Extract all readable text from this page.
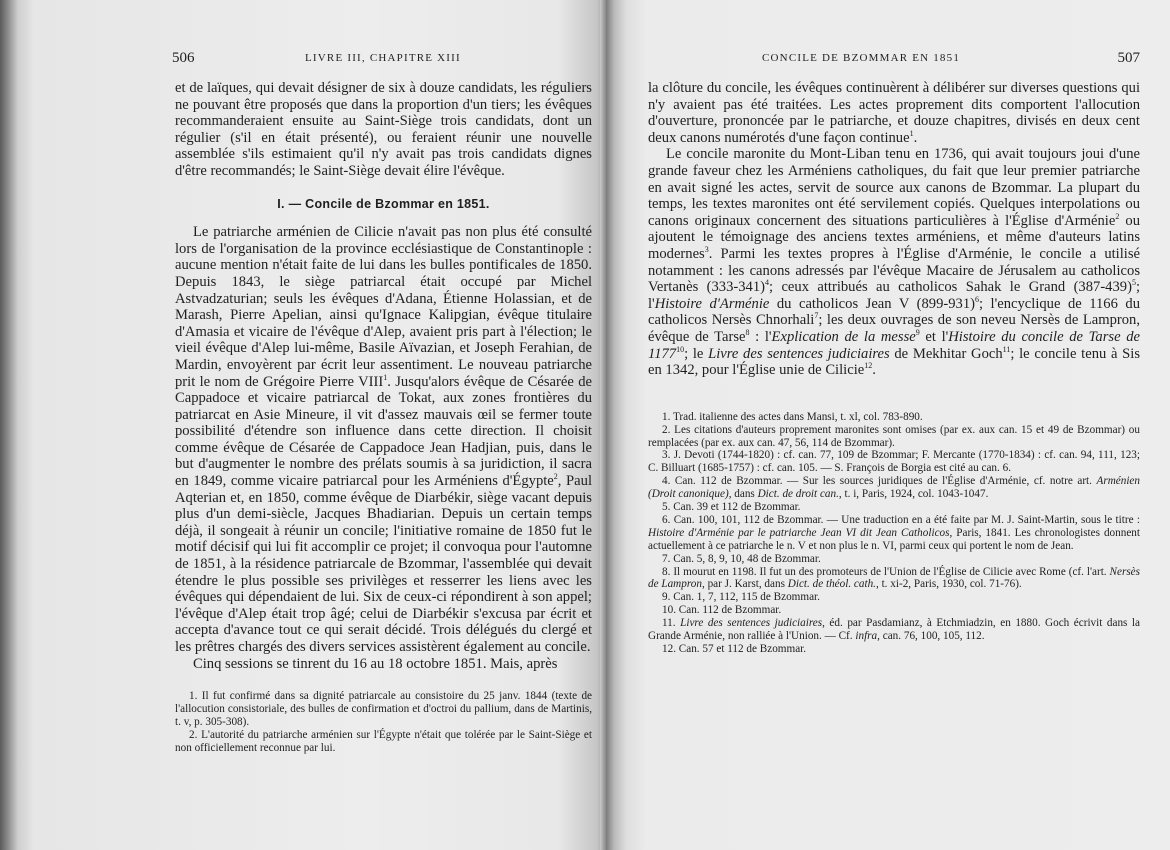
506	LIVRE III, CHAPITRE XIII

et de laïques, qui devait désigner de six à douze candidats, les réguliers ne pouvant être proposés que dans la proportion d'un tiers; les évêques recommanderaient ensuite au Saint-Siège trois candidats, dont un régulier (s'il en était présenté), ou feraient réunir une nouvelle assemblée s'ils estimaient qu'il n'y avait pas trois candidats dignes d'être recommandés; le Saint-Siège devait élire l'évêque.

I. — Concile de Bzommar en 1851.

Le patriarche arménien de Cilicie n'avait pas non plus été consulté lors de l'organisation de la province ecclésiastique de Constantinople : aucune mention n'était faite de lui dans les bulles pontificales de 1850. Depuis 1843, le siège patriarcal était occupé par Michel Astvadzaturian; seuls les évêques d'Adana, Étienne Holassian, et de Marash, Pierre Apelian, ainsi qu'Ignace Kalipgian, évêque titulaire d'Amasia et vicaire de l'évêque d'Alep, avaient pris part à l'élection; le vieil évêque d'Alep lui-même, Basile Aïvazian, et Joseph Ferahian, de Mardin, envoyèrent par écrit leur assentiment. Le nouveau patriarche prit le nom de Grégoire Pierre VIII$^1$. Jusqu'alors évêque de Césarée de Cappadoce et vicaire patriarcal de Tokat, aux zones frontières du patriarcat en Asie Mineure, il vit d'assez mauvais œil se fermer toute possibilité d'étendre son influence dans cette direction. Il choisit comme évêque de Césarée de Cappadoce Jean Hadjian, puis, dans le but d'augmenter le nombre des prélats soumis à sa juridiction, il sacra en 1849, comme vicaire patriarcal pour les Arméniens d'Égypte$^2$, Paul Aqterian et, en 1850, comme évêque de Diarbékir, siège vacant depuis plus d'un demi-siècle, Jacques Bhadiarian. Depuis un certain temps déjà, il songeait à réunir un concile; l'initiative romaine de 1850 fut le motif décisif qui lui fit accomplir ce projet; il convoqua pour l'automne de 1851, à la résidence patriarcale de Bzommar, l'assemblée qui devait étendre le plus possible ses privilèges et resserrer les liens avec les évêques qui dépendaient de lui. Six de ceux-ci répondirent à son appel; l'évêque d'Alep était trop âgé; celui de Diarbékir s'excusa par écrit et accepta d'avance tout ce qui serait décidé. Trois délégués du clergé et les prêtres chargés des divers services assistèrent également au concile.

Cinq sessions se tinrent du 16 au 18 octobre 1851. Mais, après

1. Il fut confirmé dans sa dignité patriarcale au consistoire du 25 janv. 1844 (texte de l'allocution consistoriale, des bulles de confirmation et d'octroi du pallium, dans de Martinis, t. v, p. 305-308).

2. L'autorité du patriarche arménien sur l'Égypte n'était que tolérée par le Saint-Siège et non officiellement reconnue par lui.

CONCILE DE BZOMMAR EN 1851	507

la clôture du concile, les évêques continuèrent à délibérer sur diverses questions qui n'y avaient pas été traitées. Les actes proprement dits comportent l'allocution d'ouverture, prononcée par le patriarche, et douze chapitres, divisés en deux cent deux canons numérotés d'une façon continue$^1$.

Le concile maronite du Mont-Liban tenu en 1736, qui avait toujours joui d'une grande faveur chez les Arméniens catholiques, du fait que leur premier patriarche en avait signé les actes, servit de source aux canons de Bzommar. La plupart du temps, les textes maronites ont été servilement copiés. Quelques interpolations ou canons originaux concernent des situations particulières à l'Église d'Arménie$^2$ ou ajoutent le témoignage des anciens textes arméniens, et même d'auteurs latins modernes$^3$. Parmi les textes propres à l'Église d'Arménie, le concile a utilisé notamment : les canons adressés par l'évêque Macaire de Jérusalem au catholicos Vertanès $(333-341)^4$; ceux attribués au catholicos Sahak le Grand $(387-439)^5$; l'Histoire d'Arménie du catholicos Jean V $(899-931)^6$; l'encyclique de 1166 du catholicos Nersès Chnorhali$^7$; les deux ouvrages de son neveu Nersès de Lampron, évêque de Tarse$^8$ : l'Explication de la messe$^9$ et l'Histoire du concile de Tarse de 1177$^{10}$; le Livre des sentences judiciaires de Mekhitar Goch$^{11}$; le concile tenu à Sis en 1342, pour l'Église unie de Cilicie$^{12}$.

1. Trad. italienne des actes dans Mansi, t. xl, col. 783-890.

2. Les citations d'auteurs proprement maronites sont omises (par ex. aux can. 15 et 49 de Bzommar) ou remplacées (par ex. aux can. 47, 56, 114 de Bzommar).

3. J. Devoti (1744-1820) : cf. can. 77, 109 de Bzommar; F. Mercante (1770-1834) : cf. can. 94, 111, 123; C. Billuart (1685-1757) : cf. can. 105. — S. François de Borgia est cité au can. 6.

4. Can. 112 de Bzommar. — Sur les sources juridiques de l'Église d'Arménie, cf. notre art. Arménien (Droit canonique), dans Dict. de droit can., t. i, Paris, 1924, col. 1043-1047.

5. Can. 39 et 112 de Bzommar.

6. Can. 100, 101, 112 de Bzommar. — Une traduction en a été faite par M. J. Saint-Martin, sous le titre : Histoire d'Arménie par le patriarche Jean VI dit Jean Catholicos, Paris, 1841. Les chronologistes donnent actuellement à ce patriarche le n. V et non plus le n. VI, parmi ceux qui portent le nom de Jean.

7. Can. 5, 8, 9, 10, 48 de Bzommar.

8. Il mourut en 1198. Il fut un des promoteurs de l'Union de l'Église de Cilicie avec Rome (cf. l'art. Nersès de Lampron, par J. Karst, dans Dict. de théol. cath., t. xi-2, Paris, 1930, col. 71-76).

9. Can. 1, 7, 112, 115 de Bzommar.

10. Can. 112 de Bzommar.

11. Livre des sentences judiciaires, éd. par Pasdamianz, à Etchmiadzin, en 1880. Goch écrivit dans la Grande Arménie, non ralliée à l'Union. — Cf. infra, can. 76, 100, 105, 112.

12. Can. 57 et 112 de Bzommar.
